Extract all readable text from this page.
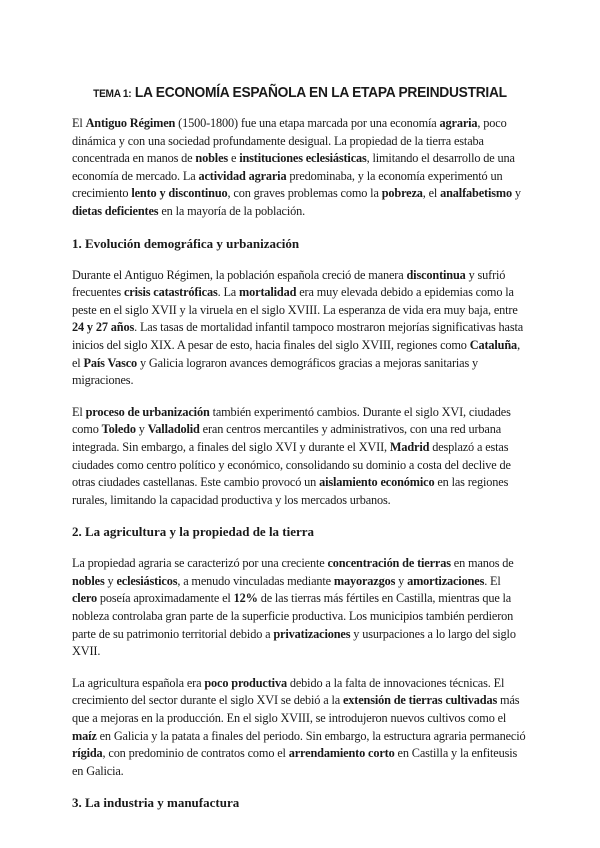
TEMA 1: LA ECONOMÍA ESPAÑOLA EN LA ETAPA PREINDUSTRIAL

El Antiguo Régimen (1500-1800) fue una etapa marcada por una economía agraria, poco dinámica y con una sociedad profundamente desigual. La propiedad de la tierra estaba concentrada en manos de nobles e instituciones eclesiásticas, limitando el desarrollo de una economía de mercado. La actividad agraria predominaba, y la economía experimentó un crecimiento lento y discontinuo, con graves problemas como la pobreza, el analfabetismo y dietas deficientes en la mayoría de la población.

1. Evolución demográfica y urbanización

Durante el Antiguo Régimen, la población española creció de manera discontinua y sufrió frecuentes crisis catastróficas. La mortalidad era muy elevada debido a epidemias como la peste en el siglo XVII y la viruela en el siglo XVIII. La esperanza de vida era muy baja, entre 24 y 27 años. Las tasas de mortalidad infantil tampoco mostraron mejorías significativas hasta inicios del siglo XIX. A pesar de esto, hacia finales del siglo XVIII, regiones como Cataluña, el País Vasco y Galicia lograron avances demográficos gracias a mejoras sanitarias y migraciones.

El proceso de urbanización también experimentó cambios. Durante el siglo XVI, ciudades como Toledo y Valladolid eran centros mercantiles y administrativos, con una red urbana integrada. Sin embargo, a finales del siglo XVI y durante el XVII, Madrid desplazó a estas ciudades como centro político y económico, consolidando su dominio a costa del declive de otras ciudades castellanas. Este cambio provocó un aislamiento económico en las regiones rurales, limitando la capacidad productiva y los mercados urbanos.

2. La agricultura y la propiedad de la tierra

La propiedad agraria se caracterizó por una creciente concentración de tierras en manos de nobles y eclesiásticos, a menudo vinculadas mediante mayorazgos y amortizaciones. El clero poseía aproximadamente el 12% de las tierras más fértiles en Castilla, mientras que la nobleza controlaba gran parte de la superficie productiva. Los municipios también perdieron parte de su patrimonio territorial debido a privatizaciones y usurpaciones a lo largo del siglo XVII.

La agricultura española era poco productiva debido a la falta de innovaciones técnicas. El crecimiento del sector durante el siglo XVI se debió a la extensión de tierras cultivadas más que a mejoras en la producción. En el siglo XVIII, se introdujeron nuevos cultivos como el maíz en Galicia y la patata a finales del periodo. Sin embargo, la estructura agraria permaneció rígida, con predominio de contratos como el arrendamiento corto en Castilla y la enfiteusis en Galicia.

3. La industria y manufactura
